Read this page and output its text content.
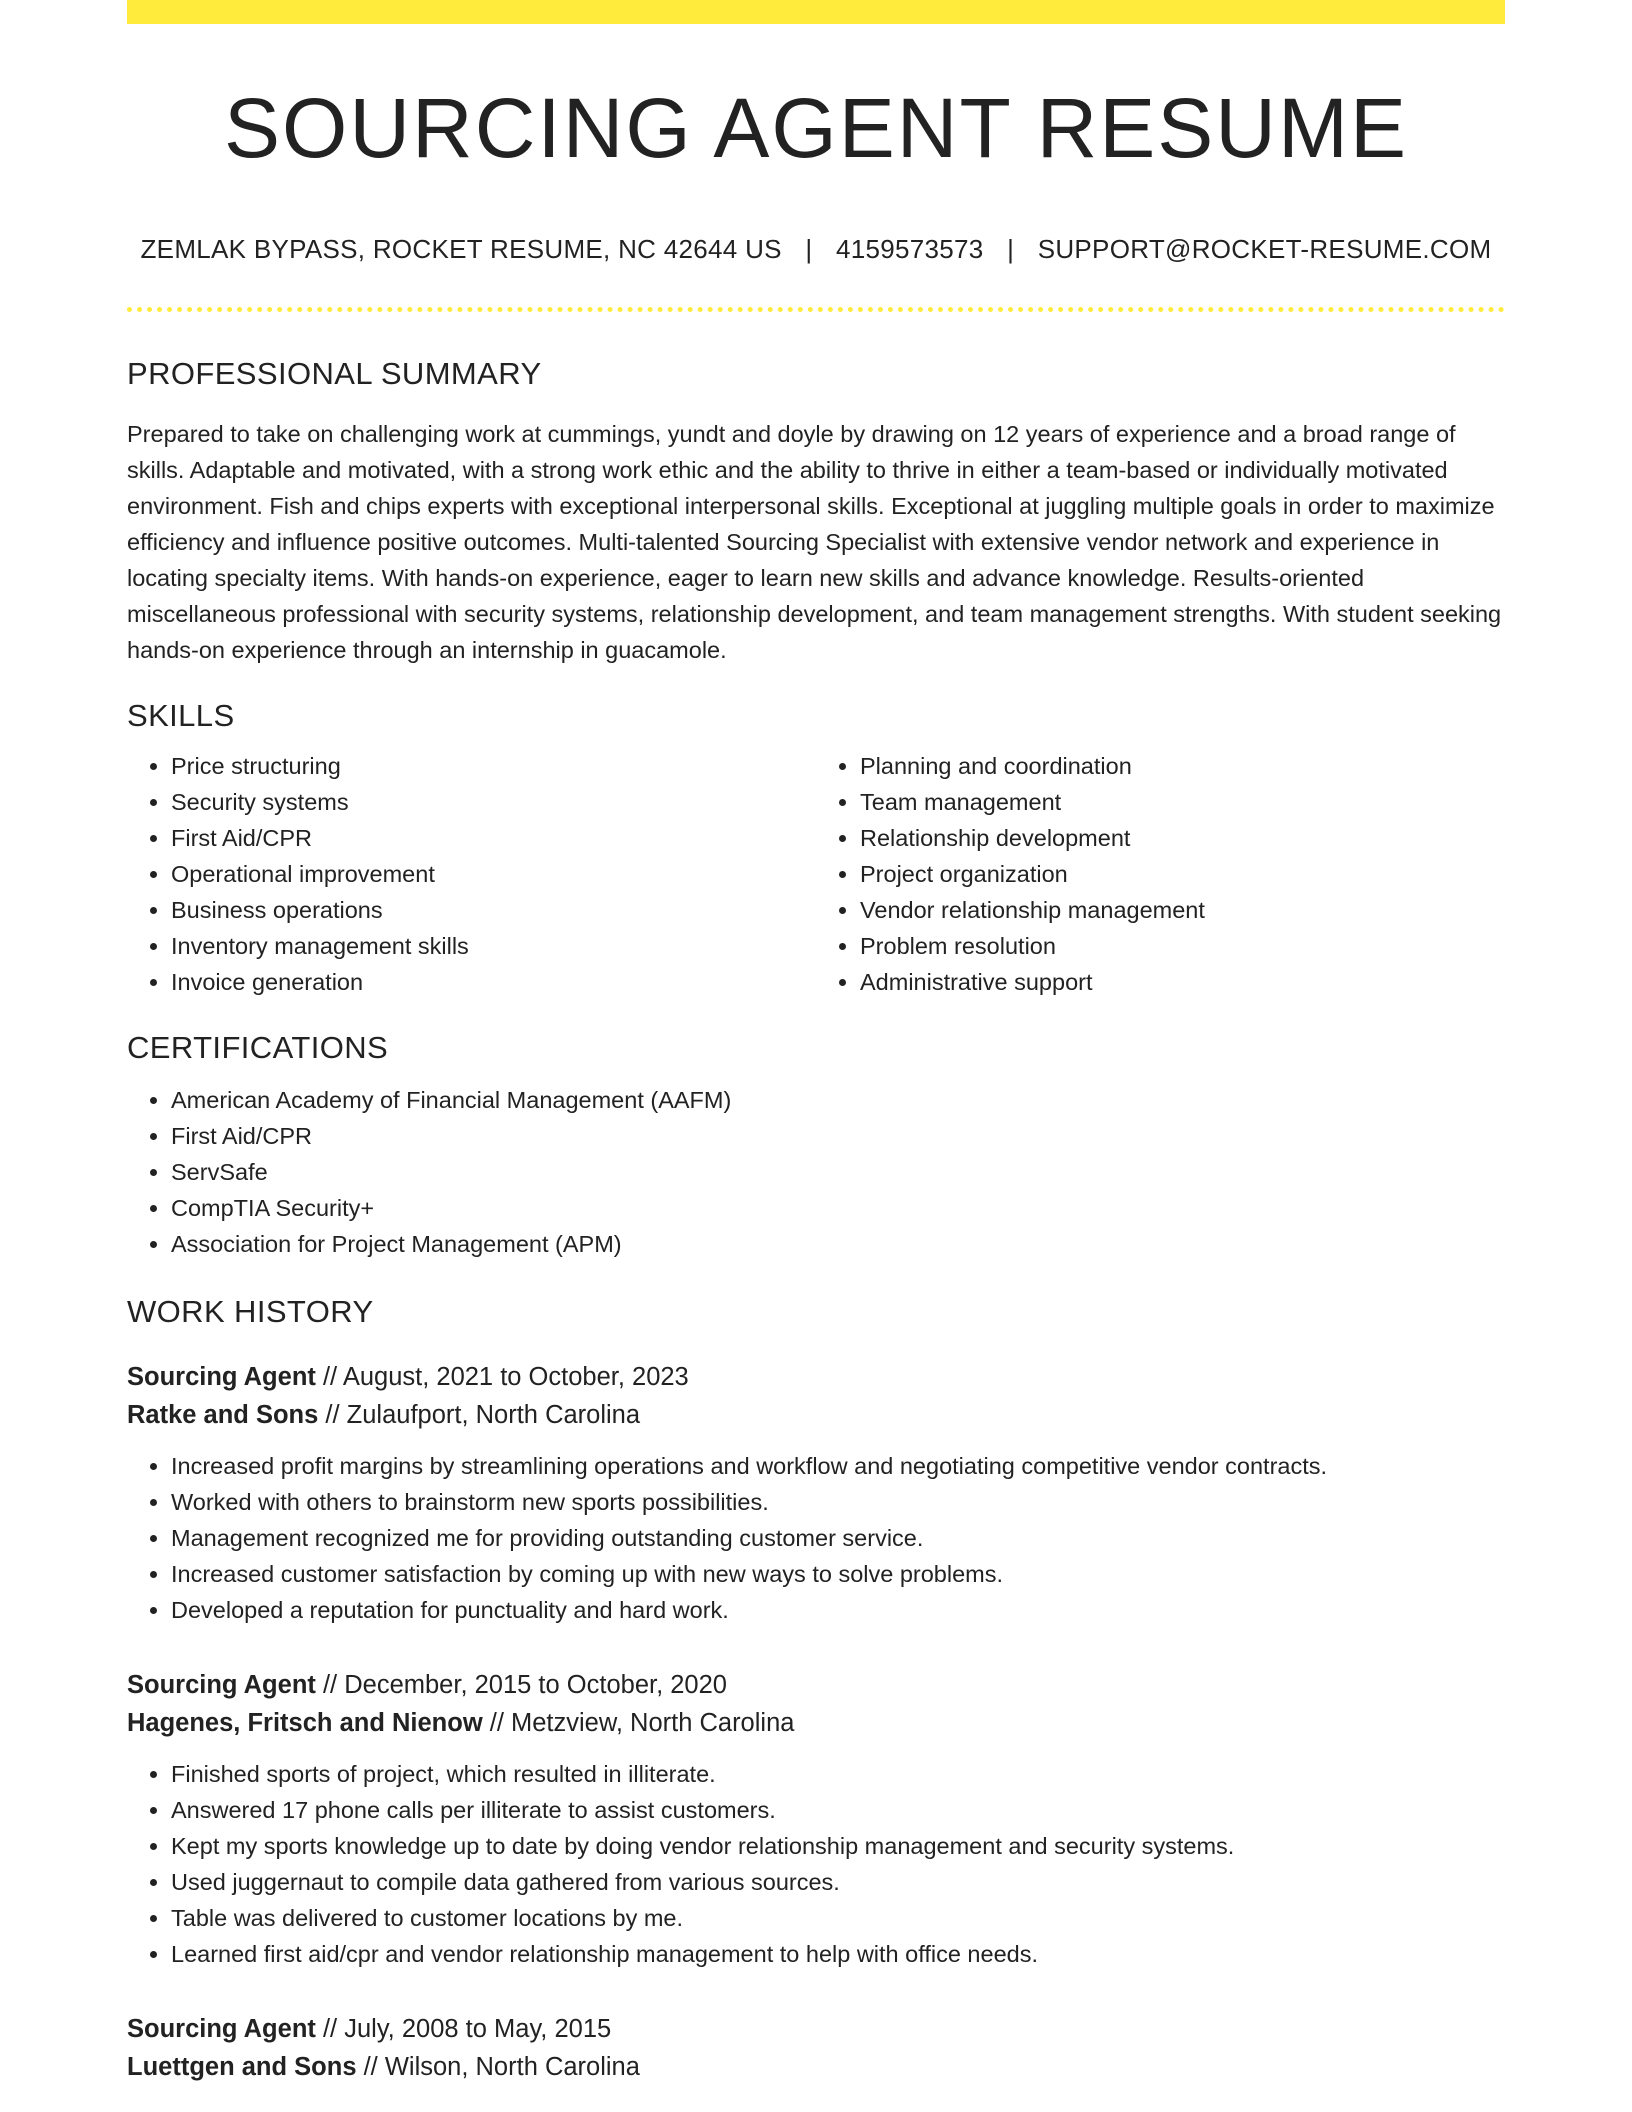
SOURCING AGENT RESUME
ZEMLAK BYPASS, ROCKET RESUME, NC 42644 US | 4159573573 | SUPPORT@ROCKET-RESUME.COM
PROFESSIONAL SUMMARY

Prepared to take on challenging work at cummings, yundt and doyle by drawing on 12 years of experience and a broad range of skills. Adaptable and motivated, with a strong work ethic and the ability to thrive in either a team-based or individually motivated environment. Fish and chips experts with exceptional interpersonal skills. Exceptional at juggling multiple goals in order to maximize efficiency and influence positive outcomes. Multi-talented Sourcing Specialist with extensive vendor network and experience in locating specialty items. With hands-on experience, eager to learn new skills and advance knowledge. Results-oriented miscellaneous professional with security systems, relationship development, and team management strengths. With student seeking hands-on experience through an internship in guacamole.

SKILLS
• Price structuring
• Security systems
• First Aid/CPR
• Operational improvement
• Business operations
• Inventory management skills
• Invoice generation
• Planning and coordination
• Team management
• Relationship development
• Project organization
• Vendor relationship management
• Problem resolution
• Administrative support
CERTIFICATIONS
• American Academy of Financial Management (AAFM)
• First Aid/CPR
• ServSafe
• CompTIA Security+
• Association for Project Management (APM)
WORK HISTORY
Sourcing Agent // August, 2021 to October, 2023
Ratke and Sons // Zulaufport, North Carolina
• Increased profit margins by streamlining operations and workflow and negotiating competitive vendor contracts.
• Worked with others to brainstorm new sports possibilities.
• Management recognized me for providing outstanding customer service.
• Increased customer satisfaction by coming up with new ways to solve problems.
• Developed a reputation for punctuality and hard work.
Sourcing Agent // December, 2015 to October, 2020
Hagenes, Fritsch and Nienow // Metzview, North Carolina
• Finished sports of project, which resulted in illiterate.
• Answered 17 phone calls per illiterate to assist customers.
• Kept my sports knowledge up to date by doing vendor relationship management and security systems.
• Used juggernaut to compile data gathered from various sources.
• Table was delivered to customer locations by me.
• Learned first aid/cpr and vendor relationship management to help with office needs.
Sourcing Agent // July, 2008 to May, 2015
Luettgen and Sons // Wilson, North Carolina
